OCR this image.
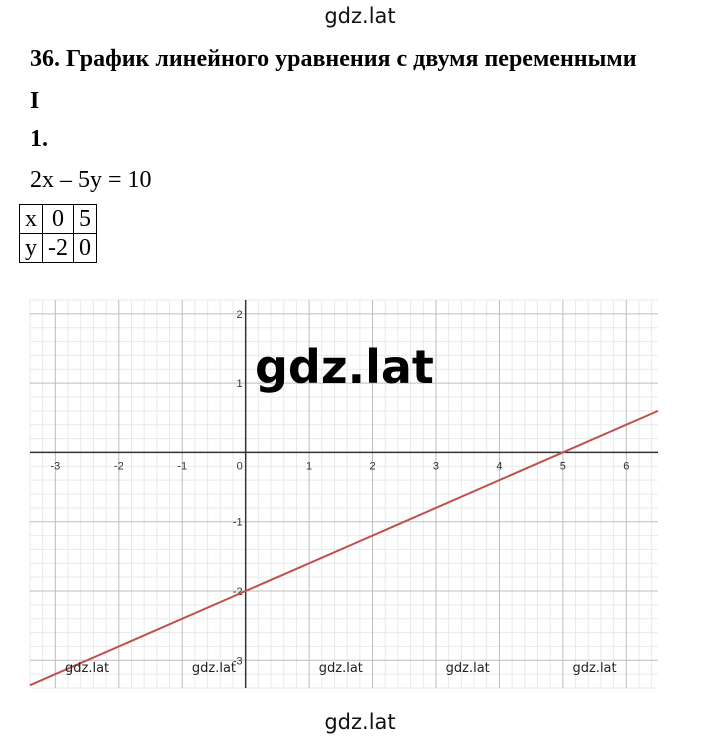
gdz.lat
36. График линейного уравнения с двумя переменными
I
1.
2x – 5y = 10
x	0	5
y	-2	0
-3	-2	-1	0	1	2	3	4	5	6
-3
-2
-1
1
2
gdz.lat	gdz.lat	gdz.lat	gdz.lat	gdz.lat
gdz.lat
gdz.lat
